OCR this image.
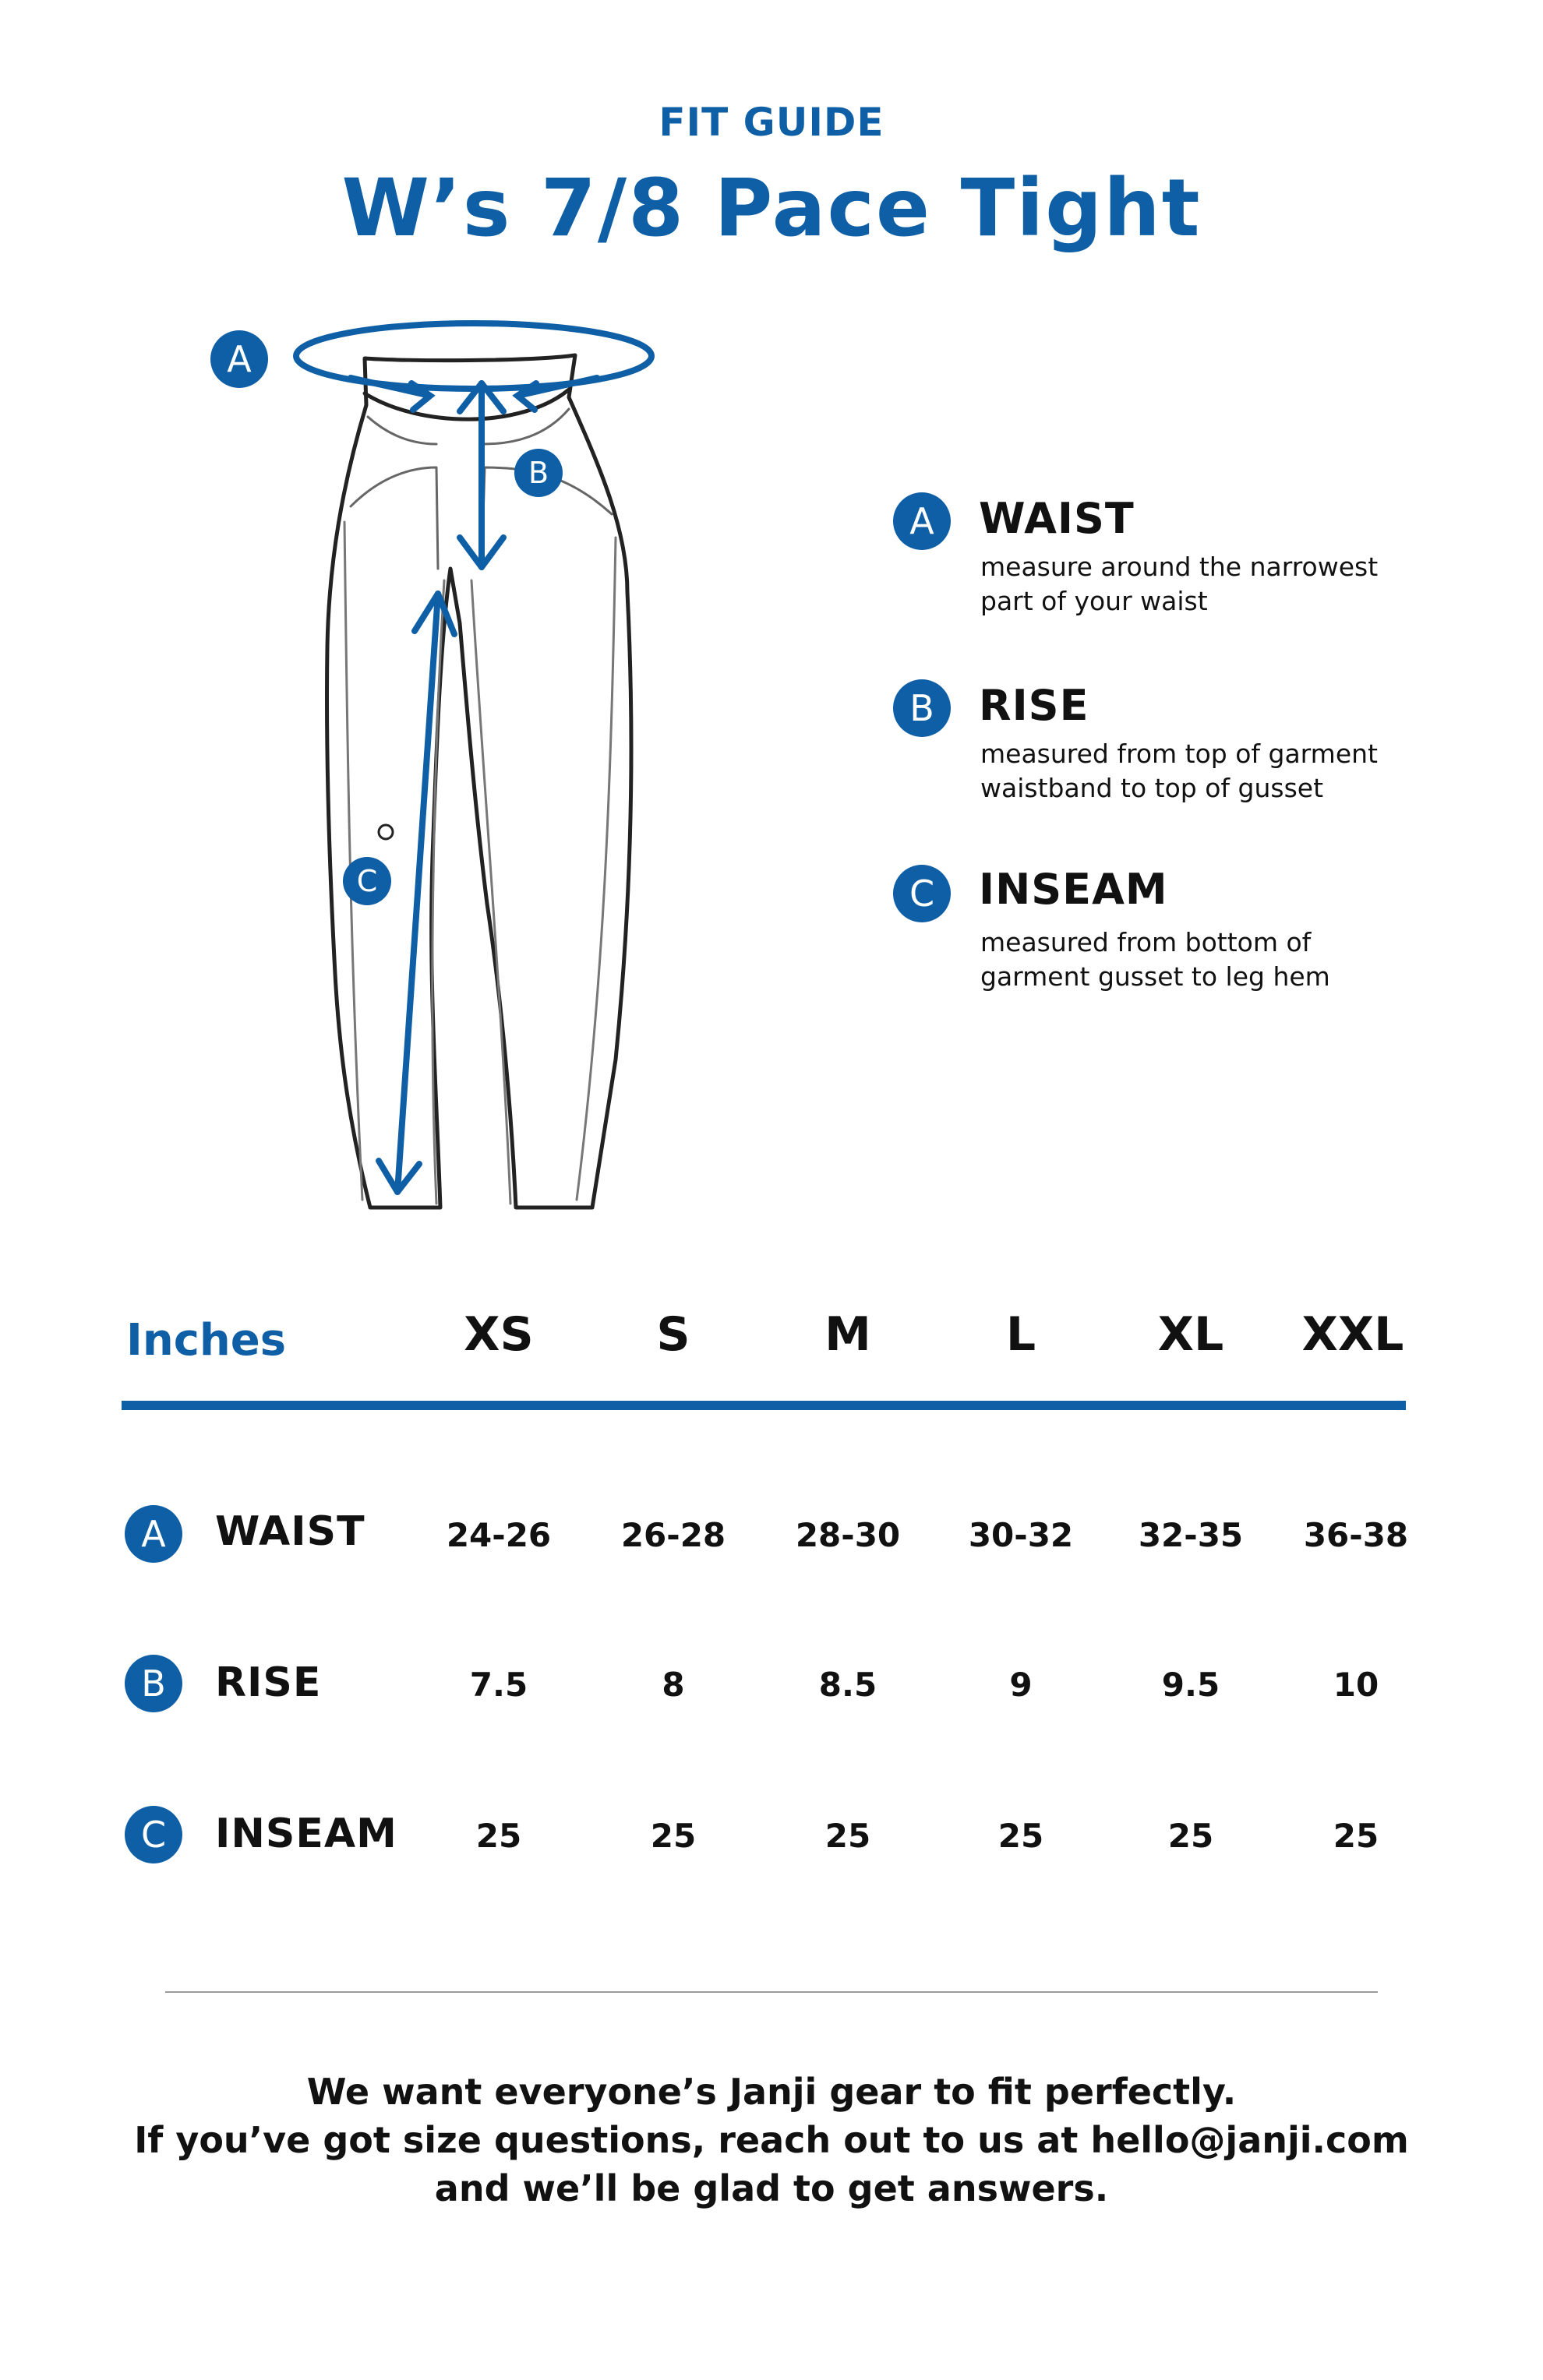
FIT GUIDE
W’s 7/8 Pace Tight
A
B
C
A	WAIST
measure around the narrowest
part of your waist
B	RISE
measured from top of garment
waistband to top of gusset
C	INSEAM
measured from bottom of
garment gusset to leg hem
Inches	XS	S	M	L	XL	XXL
A	WAIST	24-26	26-28	28-30	30-32	32-35	36-38
B	RISE	7.5	8	8.5	9	9.5	10
C	INSEAM	25	25	25	25	25	25
We want everyone’s Janji gear to fit perfectly.
If you’ve got size questions, reach out to us at hello@janji.com
and we’ll be glad to get answers.
